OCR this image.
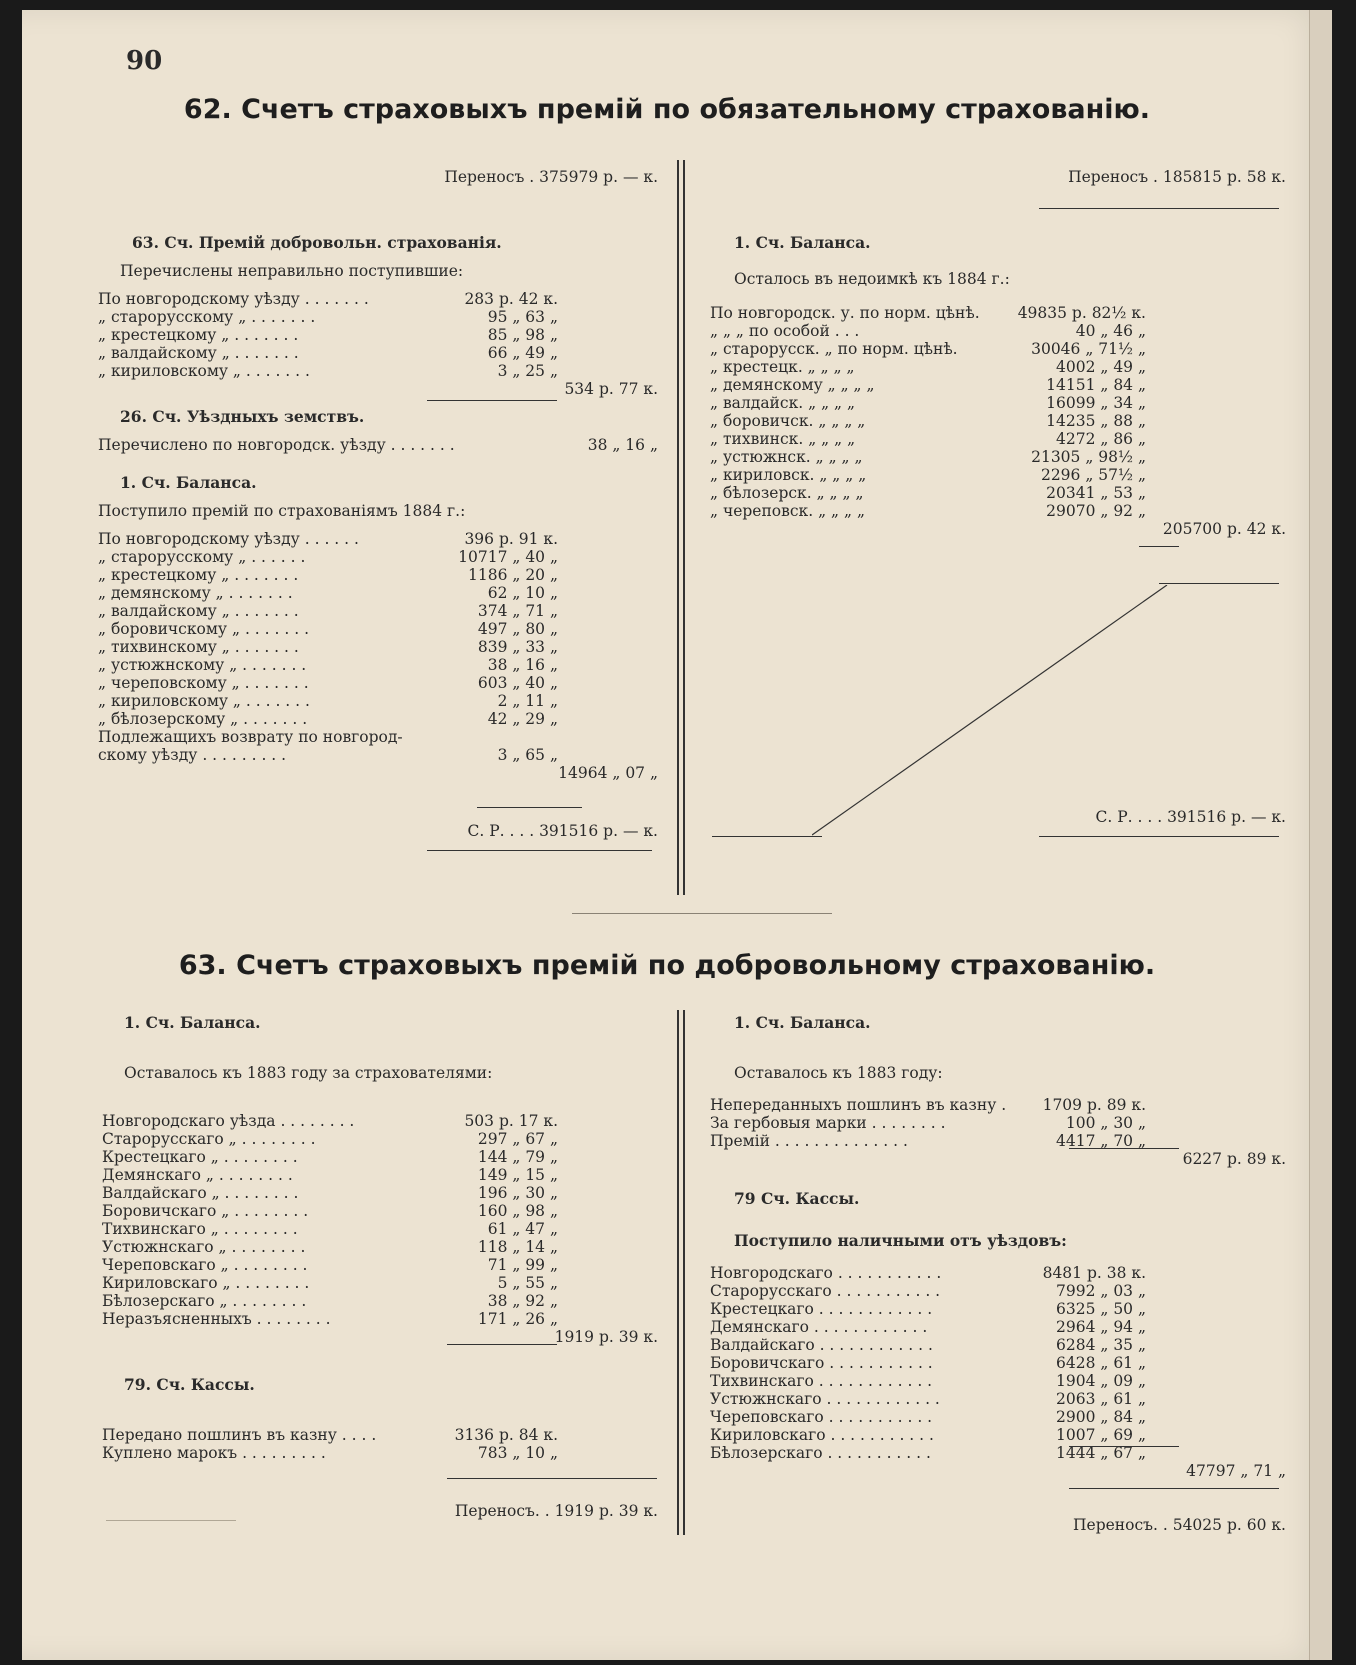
90
62. Счетъ страховыхъ премій по обязательному страхованію.
Переносъ . 375979 р. — к.
63. Сч. Премій добровольн. страхованія.
Перечислены неправильно поступившие:
По новгородскому уѣзду . . . . . . .	283 р. 42 к.
„ старорусскому „ . . . . . . .	95 „ 63 „
„ крестецкому „ . . . . . . .	85 „ 98 „
„ валдайскому „ . . . . . . .	66 „ 49 „
„ кириловскому „ . . . . . . .	3 „ 25 „
534 р. 77 к.
26. Сч. Уѣздныхъ земствъ.
Перечислено по новгородск. уѣзду . . . . . . .	38 „ 16 „
1. Сч. Баланса.
Поступило премій по страхованіямъ 1884 г.:
По новгородскому уѣзду . . . . . .	396 р. 91 к.
„ старорусскому „ . . . . . .	10717 „ 40 „
„ крестецкому „ . . . . . . .	1186 „ 20 „
„ демянскому „ . . . . . . .	62 „ 10 „
„ валдайскому „ . . . . . . .	374 „ 71 „
„ боровичскому „ . . . . . . .	497 „ 80 „
„ тихвинскому „ . . . . . . .	839 „ 33 „
„ устюжнскому „ . . . . . . .	38 „ 16 „
„ череповскому „ . . . . . . .	603 „ 40 „
„ кириловскому „ . . . . . . .	2 „ 11 „
„ бѣлозерскому „ . . . . . . .	42 „ 29 „
Подлежащихъ возврату по новгород-
скому уѣзду . . . . . . . . .	3 „ 65 „
14964 „ 07 „
С. Р. . . . 391516 р. — к.
Переносъ . 185815 р. 58 к.
1. Сч. Баланса.
Осталось въ недоимкѣ къ 1884 г.:
По новгородск. у. по норм. цѣнѣ. 49835 р. 82½ к.
„ „ „ по особой . . .	40 „ 46 „
„ старорусск. „ по норм. цѣнѣ.	30046 „ 71½ „
„ крестецк. „ „ „ „	4002 „ 49 „
„ демянскому „ „ „ „	14151 „ 84 „
„ валдайск. „ „ „ „	16099 „ 34 „
„ боровичск. „ „ „ „	14235 „ 88 „
„ тихвинск. „ „ „ „	4272 „ 86 „
„ устюжнск. „ „ „ „	21305 „ 98½ „
„ кириловск. „ „ „ „	2296 „ 57½ „
„ бѣлозерск. „ „ „ „	20341 „ 53 „
„ череповск. „ „ „ „	29070 „ 92 „
205700 р. 42 к.
С. Р. . . . 391516 р. — к.
63. Счетъ страховыхъ премій по добровольному страхованію.
1. Сч. Баланса.
Оставалось къ 1883 году за страхователями:
Новгородскаго уѣзда . . . . . . . .	503 р. 17 к.
Старорусскаго „ . . . . . . . .	297 „ 67 „
Крестецкаго „ . . . . . . . .	144 „ 79 „
Демянскаго „ . . . . . . . .	149 „ 15 „
Валдайскаго „ . . . . . . . .	196 „ 30 „
Боровичскаго „ . . . . . . . .	160 „ 98 „
Тихвинскаго „ . . . . . . . .	61 „ 47 „
Устюжнскаго „ . . . . . . . .	118 „ 14 „
Череповскаго „ . . . . . . . .	71 „ 99 „
Кириловскаго „ . . . . . . . .	5 „ 55 „
Бѣлозерскаго „ . . . . . . . .	38 „ 92 „
Неразъясненныхъ . . . . . . . .	171 „ 26 „
1919 р. 39 к.
79. Сч. Кассы.
Передано пошлинъ въ казну . . . .	3136 р. 84 к.
Куплено марокъ . . . . . . . . .	783 „ 10 „
Переносъ. . 1919 р. 39 к.
1. Сч. Баланса.
Оставалось къ 1883 году:
Непереданныхъ пошлинъ въ казну . 1709 р. 89 к.
За гербовыя марки . . . . . . . .	100 „ 30 „
Премій . . . . . . . . . . . . . .	4417 „ 70 „
6227 р. 89 к.
79 Сч. Кассы.
Поступило наличными отъ уѣздовъ:
Новгородскаго . . . . . . . . . . .	8481 р. 38 к.
Старорусскаго . . . . . . . . . . .	7992 „ 03 „
Крестецкаго . . . . . . . . . . . .	6325 „ 50 „
Демянскаго . . . . . . . . . . . .	2964 „ 94 „
Валдайскаго . . . . . . . . . . . .	6284 „ 35 „
Боровичскаго . . . . . . . . . . .	6428 „ 61 „
Тихвинскаго . . . . . . . . . . . .	1904 „ 09 „
Устюжнскаго . . . . . . . . . . . .	2063 „ 61 „
Череповскаго . . . . . . . . . . .	2900 „ 84 „
Кириловскаго . . . . . . . . . . .	1007 „ 69 „
Бѣлозерскаго . . . . . . . . . . .	1444 „ 67 „
47797 „ 71 „
Переносъ. . 54025 р. 60 к.
